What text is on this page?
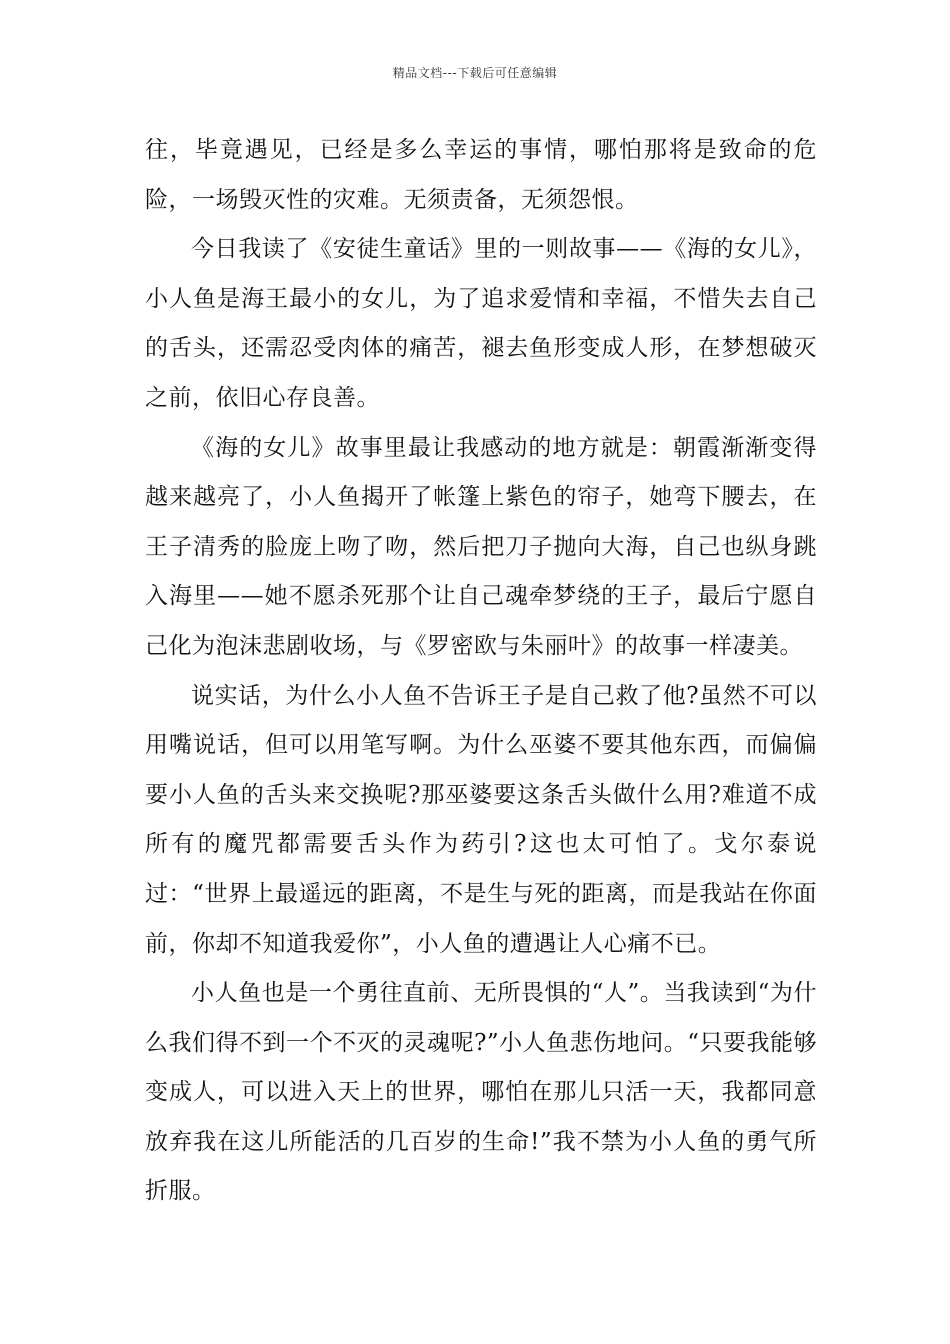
精品文档---下载后可任意编辑

往，毕竟遇见，已经是多么幸运的事情，哪怕那将是致命的危险，一场毁灭性的灾难。无须责备，无须怨恨。

今日我读了《安徒生童话》里的一则故事——《海的女儿》，小人鱼是海王最小的女儿，为了追求爱情和幸福，不惜失去自己的舌头，还需忍受肉体的痛苦，褪去鱼形变成人形，在梦想破灭之前，依旧心存良善。

《海的女儿》故事里最让我感动的地方就是：朝霞渐渐变得越来越亮了，小人鱼揭开了帐篷上紫色的帘子，她弯下腰去，在王子清秀的脸庞上吻了吻，然后把刀子抛向大海，自己也纵身跳入海里——她不愿杀死那个让自己魂牵梦绕的王子，最后宁愿自己化为泡沫悲剧收场，与《罗密欧与朱丽叶》的故事一样凄美。

说实话，为什么小人鱼不告诉王子是自己救了他?虽然不可以用嘴说话，但可以用笔写啊。为什么巫婆不要其他东西，而偏偏要小人鱼的舌头来交换呢?那巫婆要这条舌头做什么用?难道不成所有的魔咒都需要舌头作为药引?这也太可怕了。戈尔泰说过：“世界上最遥远的距离，不是生与死的距离，而是我站在你面前，你却不知道我爱你”，小人鱼的遭遇让人心痛不已。

小人鱼也是一个勇往直前、无所畏惧的“人”。当我读到“为什么我们得不到一个不灭的灵魂呢?”小人鱼悲伤地问。“只要我能够变成人，可以进入天上的世界，哪怕在那儿只活一天，我都同意放弃我在这儿所能活的几百岁的生命!”我不禁为小人鱼的勇气所折服。
